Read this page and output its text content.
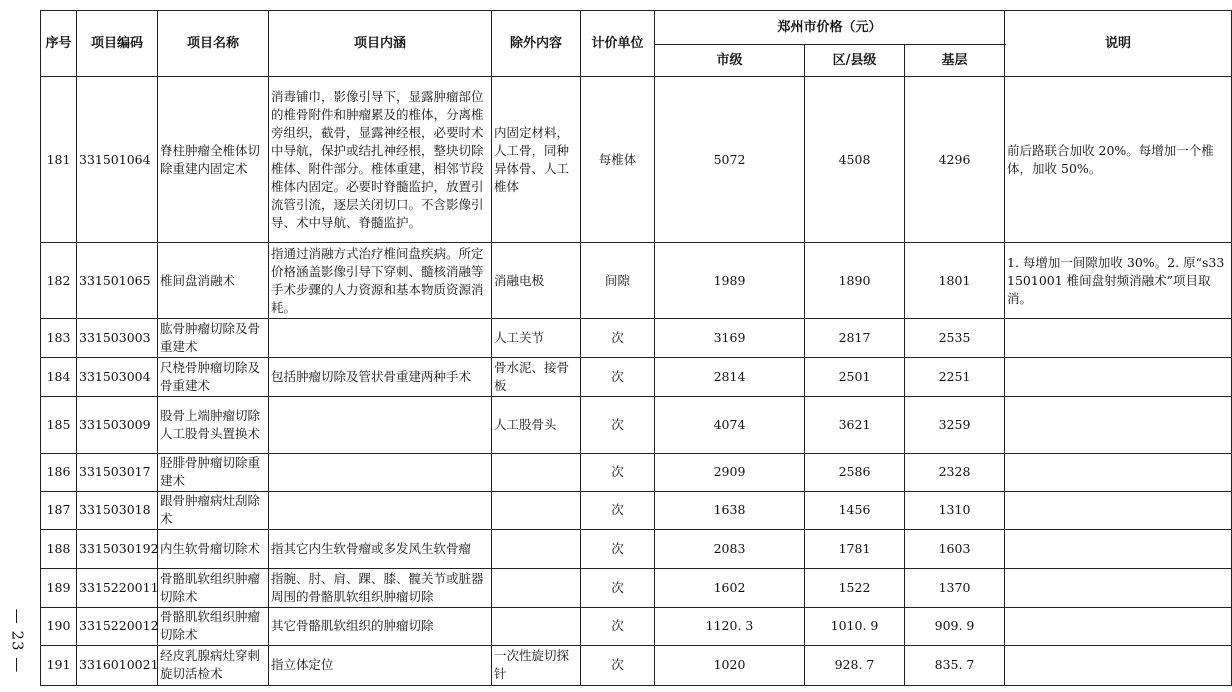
— 23 —
序号	项目编码	项目名称	项目内涵	除外内容	计价单位	郑州市价格（元）			说明
						市级	区/县级	基层	
181	331501064	脊柱肿瘤全椎体切除重建内固定术	消毒铺巾，影像引导下，显露肿瘤部位的椎骨附件和肿瘤累及的椎体，分离椎旁组织，截骨，显露神经根，必要时术中导航，保护或结扎神经根，整块切除椎体、附件部分。椎体重建，相邻节段椎体内固定。必要时脊髓监护，放置引流管引流，逐层关闭切口。不含影像引导、术中导航、脊髓监护。	内固定材料，人工骨，同种异体骨、人工椎体	每椎体	5072	4508	4296	前后路联合加收 20%。每增加一个椎体，加收 50%。
182	331501065	椎间盘消融术	指通过消融方式治疗椎间盘疾病。所定价格涵盖影像引导下穿刺、髓核消融等手术步骤的人力资源和基本物质资源消耗。	消融电极	间隙	1989	1890	1801	1. 每增加一间隙加收 30%。2. 原“s331501001 椎间盘射频消融术”项目取消。
183	331503003	肱骨肿瘤切除及骨重建术		人工关节	次	3169	2817	2535	
184	331503004	尺桡骨肿瘤切除及骨重建术	包括肿瘤切除及管状骨重建两种手术	骨水泥、接骨板	次	2814	2501	2251	
185	331503009	股骨上端肿瘤切除人工股骨头置换术		人工股骨头	次	4074	3621	3259	
186	331503017	胫腓骨肿瘤切除重建术			次	2909	2586	2328	
187	331503018	跟骨肿瘤病灶刮除术			次	1638	1456	1310	
188	3315030192	内生软骨瘤切除术	指其它内生软骨瘤或多发风生软骨瘤		次	2083	1781	1603	
189	3315220011	骨骼肌软组织肿瘤切除术	指腕、肘、肩、踝、膝、髋关节或脏器周围的骨骼肌软组织肿瘤切除		次	1602	1522	1370	
190	3315220012	骨骼肌软组织肿瘤切除术	其它骨骼肌软组织的肿瘤切除		次	1120. 3	1010. 9	909. 9	
191	3316010021	经皮乳腺病灶穿刺旋切活检术	指立体定位	一次性旋切探针	次	1020	928. 7	835. 7	
